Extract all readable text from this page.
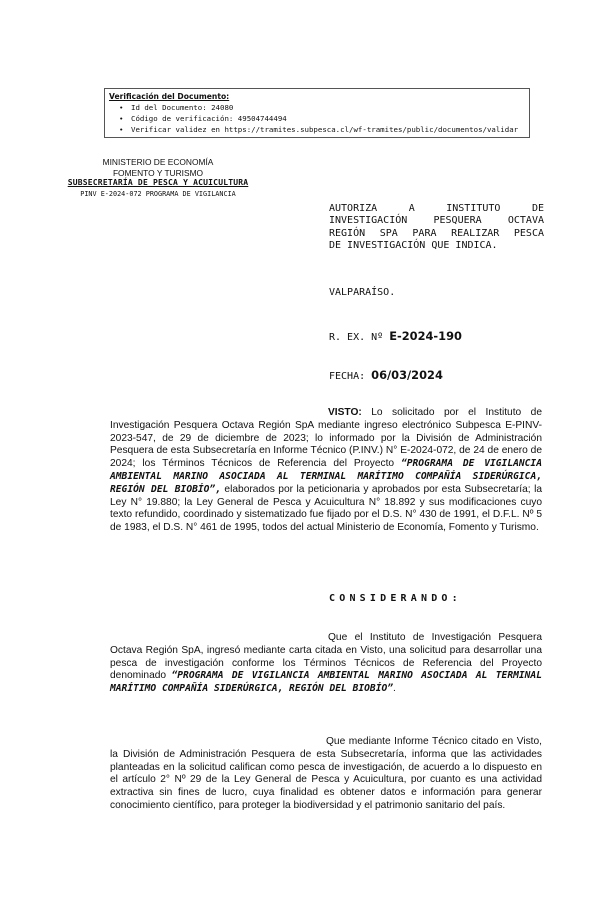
Verificación del Documento:
• Id del Documento: 24080
• Código de verificación: 49504744494
• Verificar validez en https://tramites.subpesca.cl/wf-tramites/public/documentos/validar
MINISTERIO DE ECONOMÍA
FOMENTO Y TURISMO
SUBSECRETARÍA DE PESCA Y ACUICULTURA
PINV E-2024-072 PROGRAMA DE VIGILANCIA
AUTORIZA A INSTITUTO DE
INVESTIGACIÓN PESQUERA OCTAVA
REGIÓN SPA PARA REALIZAR PESCA
DE INVESTIGACIÓN QUE INDICA.
VALPARAÍSO.
R. EX. Nº E-2024-190
FECHA: 06/03/2024
VISTO: Lo solicitado por el Instituto de Investigación Pesquera Octava Región SpA mediante ingreso electrónico Subpesca E-PINV-2023-547, de 29 de diciembre de 2023; lo informado por la División de Administración Pesquera de esta Subsecretaría en Informe Técnico (P.INV.) N° E-2024-072, de 24 de enero de 2024; los Términos Técnicos de Referencia del Proyecto “PROGRAMA DE VIGILANCIA AMBIENTAL MARINO ASOCIADA AL TERMINAL MARÍTIMO COMPAÑÍA SIDERÚRGICA, REGIÓN DEL BIOBÍO”, elaborados por la peticionaria y aprobados por esta Subsecretaría; la Ley N° 19.880; la Ley General de Pesca y Acuicultura N° 18.892 y sus modificaciones cuyo texto refundido, coordinado y sistematizado fue fijado por el D.S. N° 430 de 1991, el D.F.L. Nº 5 de 1983, el D.S. N° 461 de 1995, todos del actual Ministerio de Economía, Fomento y Turismo.
CONSIDERANDO:
Que el Instituto de Investigación Pesquera Octava Región SpA, ingresó mediante carta citada en Visto, una solicitud para desarrollar una pesca de investigación conforme los Términos Técnicos de Referencia del Proyecto denominado “PROGRAMA DE VIGILANCIA AMBIENTAL MARINO ASOCIADA AL TERMINAL MARÍTIMO COMPAÑÍA SIDERÚRGICA, REGIÓN DEL BIOBÍO”.
Que mediante Informe Técnico citado en Visto, la División de Administración Pesquera de esta Subsecretaría, informa que las actividades planteadas en la solicitud califican como pesca de investigación, de acuerdo a lo dispuesto en el artículo 2° Nº 29 de la Ley General de Pesca y Acuicultura, por cuanto es una actividad extractiva sin fines de lucro, cuya finalidad es obtener datos e información para generar conocimiento científico, para proteger la biodiversidad y el patrimonio sanitario del país.
